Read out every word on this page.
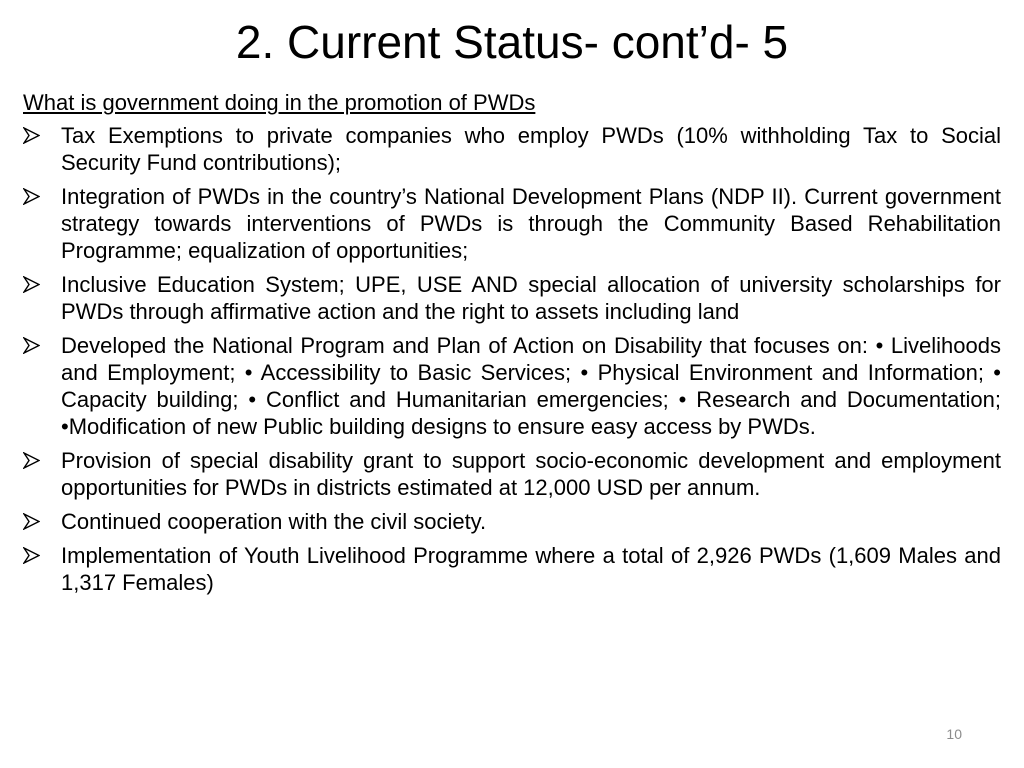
2. Current Status- cont’d- 5
What is government doing in the promotion of PWDs
Tax Exemptions to private companies who employ PWDs (10% withholding Tax to Social Security Fund contributions);
Integration of PWDs in the country’s National Development Plans (NDP II). Current government strategy towards interventions of PWDs is through the Community Based Rehabilitation Programme; equalization of opportunities;
Inclusive Education System; UPE, USE AND special allocation of university scholarships for PWDs through affirmative action and the right to assets including land
Developed the National Program and Plan of Action on Disability that focuses on: • Livelihoods and Employment; • Accessibility to Basic Services; • Physical Environment and Information; • Capacity building; • Conflict and Humanitarian emergencies; • Research and Documentation; •Modification of new Public building designs to ensure easy access by PWDs.
Provision of special disability grant to support socio-economic development and employment opportunities for PWDs in districts estimated at 12,000 USD per annum.
Continued cooperation with the civil society.
Implementation of Youth Livelihood Programme where a total of 2,926 PWDs (1,609 Males and 1,317 Females)
10
